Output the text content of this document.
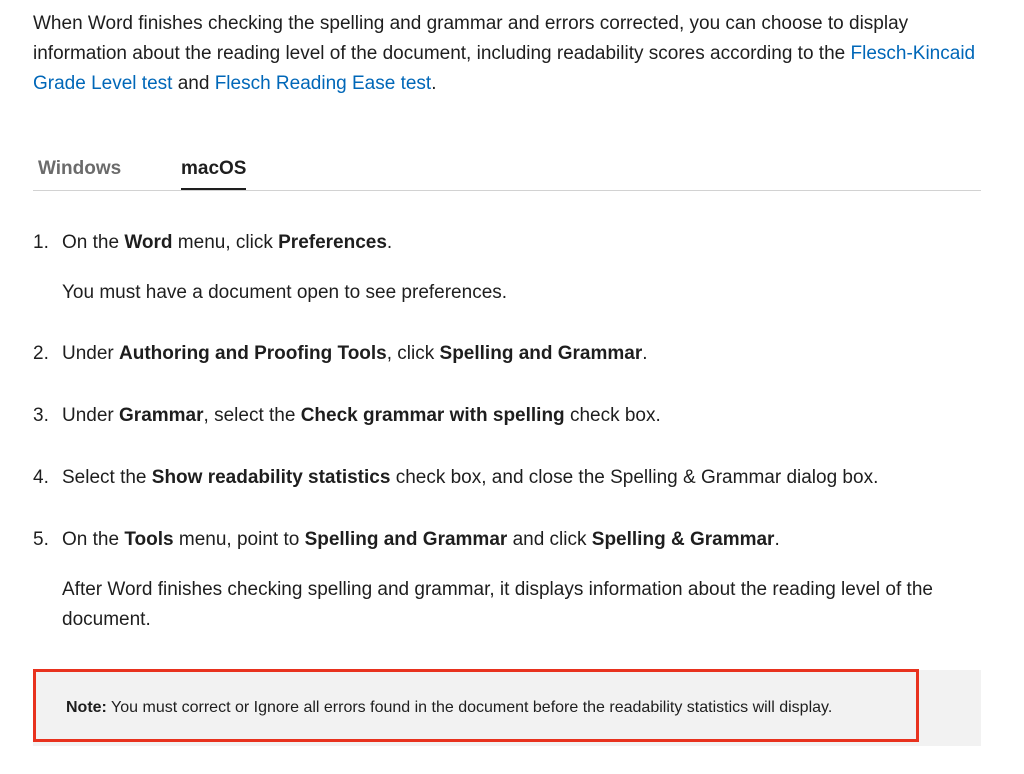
When Word finishes checking the spelling and grammar and errors corrected, you can choose to display information about the reading level of the document, including readability scores according to the Flesch-Kincaid Grade Level test and Flesch Reading Ease test.

Windows	macOS
1. On the Word menu, click Preferences.

You must have a document open to see preferences.

2. Under Authoring and Proofing Tools, click Spelling and Grammar.

3. Under Grammar, select the Check grammar with spelling check box.

4. Select the Show readability statistics check box, and close the Spelling & Grammar dialog box.

5. On the Tools menu, point to Spelling and Grammar and click Spelling & Grammar.

After Word finishes checking spelling and grammar, it displays information about the reading level of the document.

Note: You must correct or Ignore all errors found in the document before the readability statistics will display.
